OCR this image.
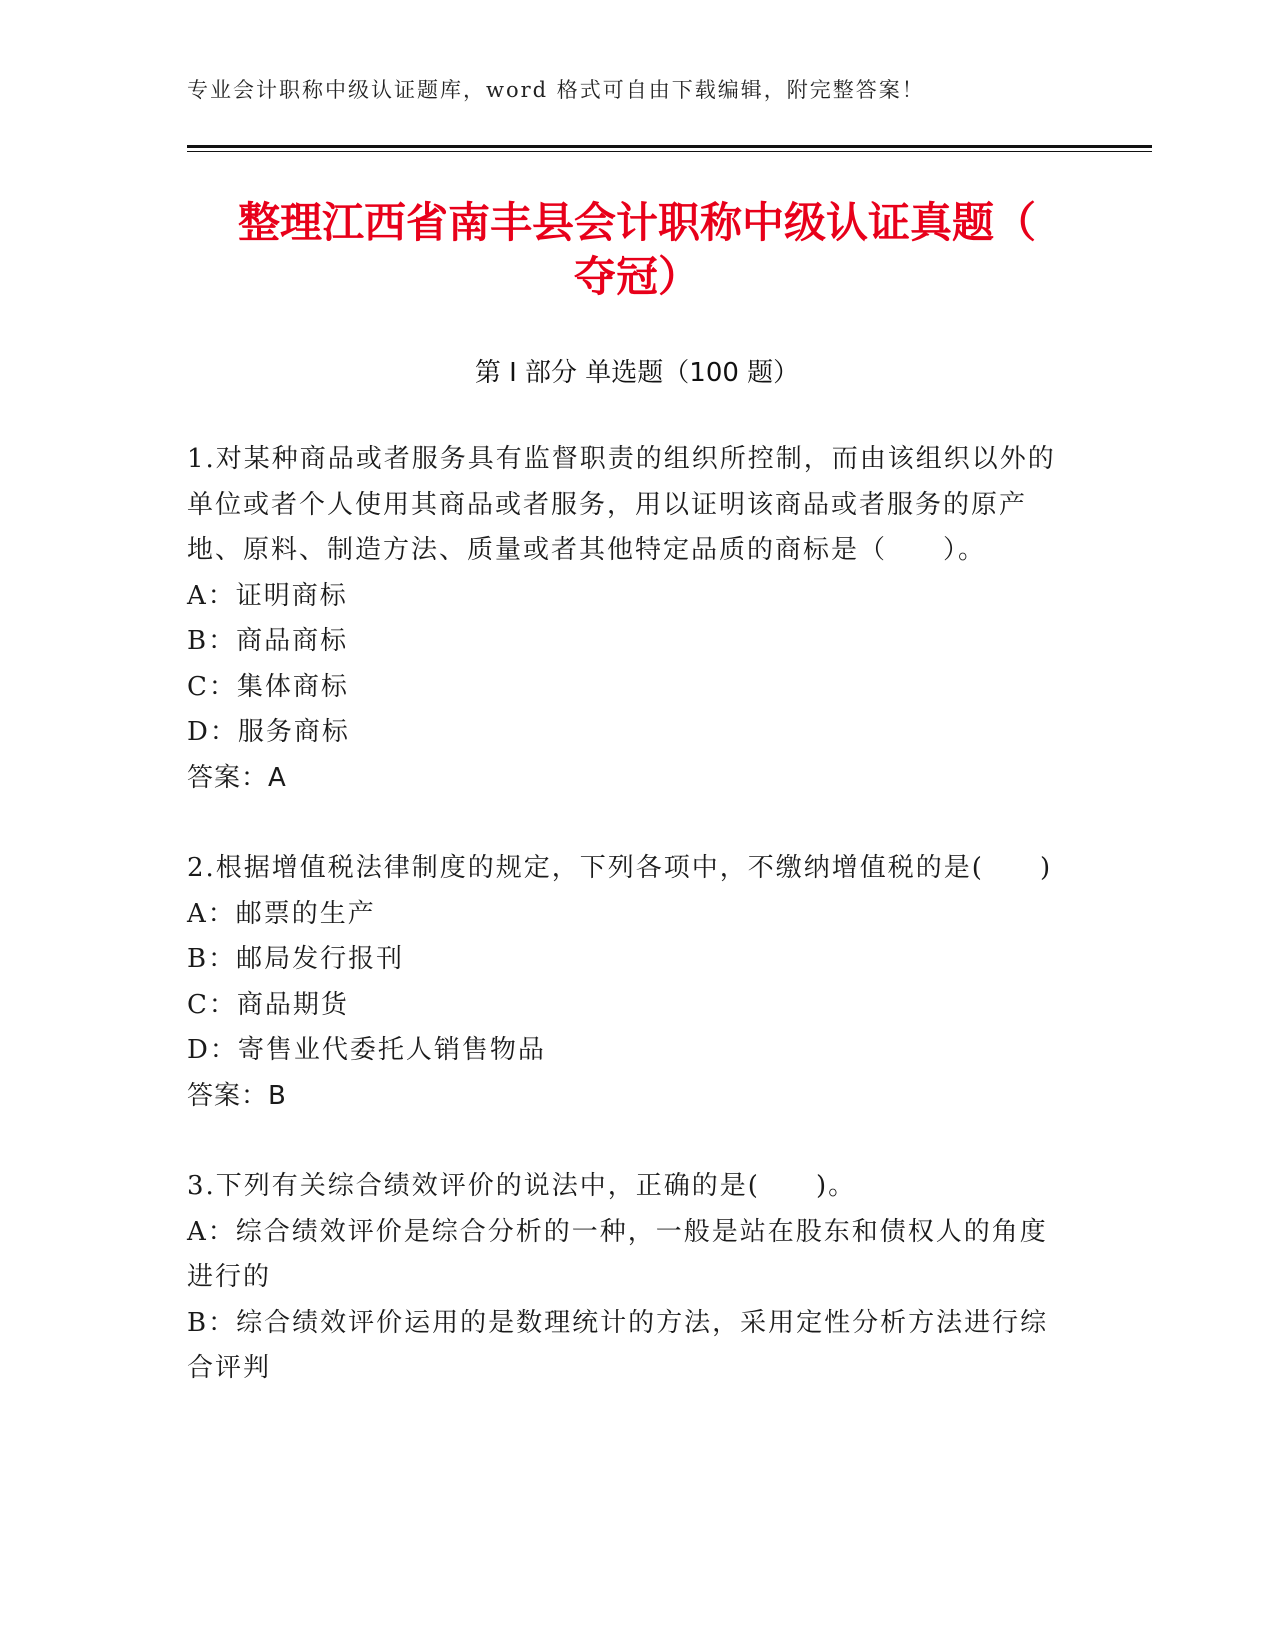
专业会计职称中级认证题库，word 格式可自由下载编辑，附完整答案！
整理江西省南丰县会计职称中级认证真题（
夺冠）
第 I 部分 单选题（100 题）
1.对某种商品或者服务具有监督职责的组织所控制，而由该组织以外的单位或者个人使用其商品或者服务，用以证明该商品或者服务的原产地、原料、制造方法、质量或者其他特定品质的商标是（　　）。
A：证明商标
B：商品商标
C：集体商标
D：服务商标
答案：A
2.根据增值税法律制度的规定，下列各项中，不缴纳增值税的是(　　)
A：邮票的生产
B：邮局发行报刊
C：商品期货
D：寄售业代委托人销售物品
答案：B
3.下列有关综合绩效评价的说法中，正确的是(　　)。
A：综合绩效评价是综合分析的一种，一般是站在股东和债权人的角度进行的
B：综合绩效评价运用的是数理统计的方法，采用定性分析方法进行综合评判
